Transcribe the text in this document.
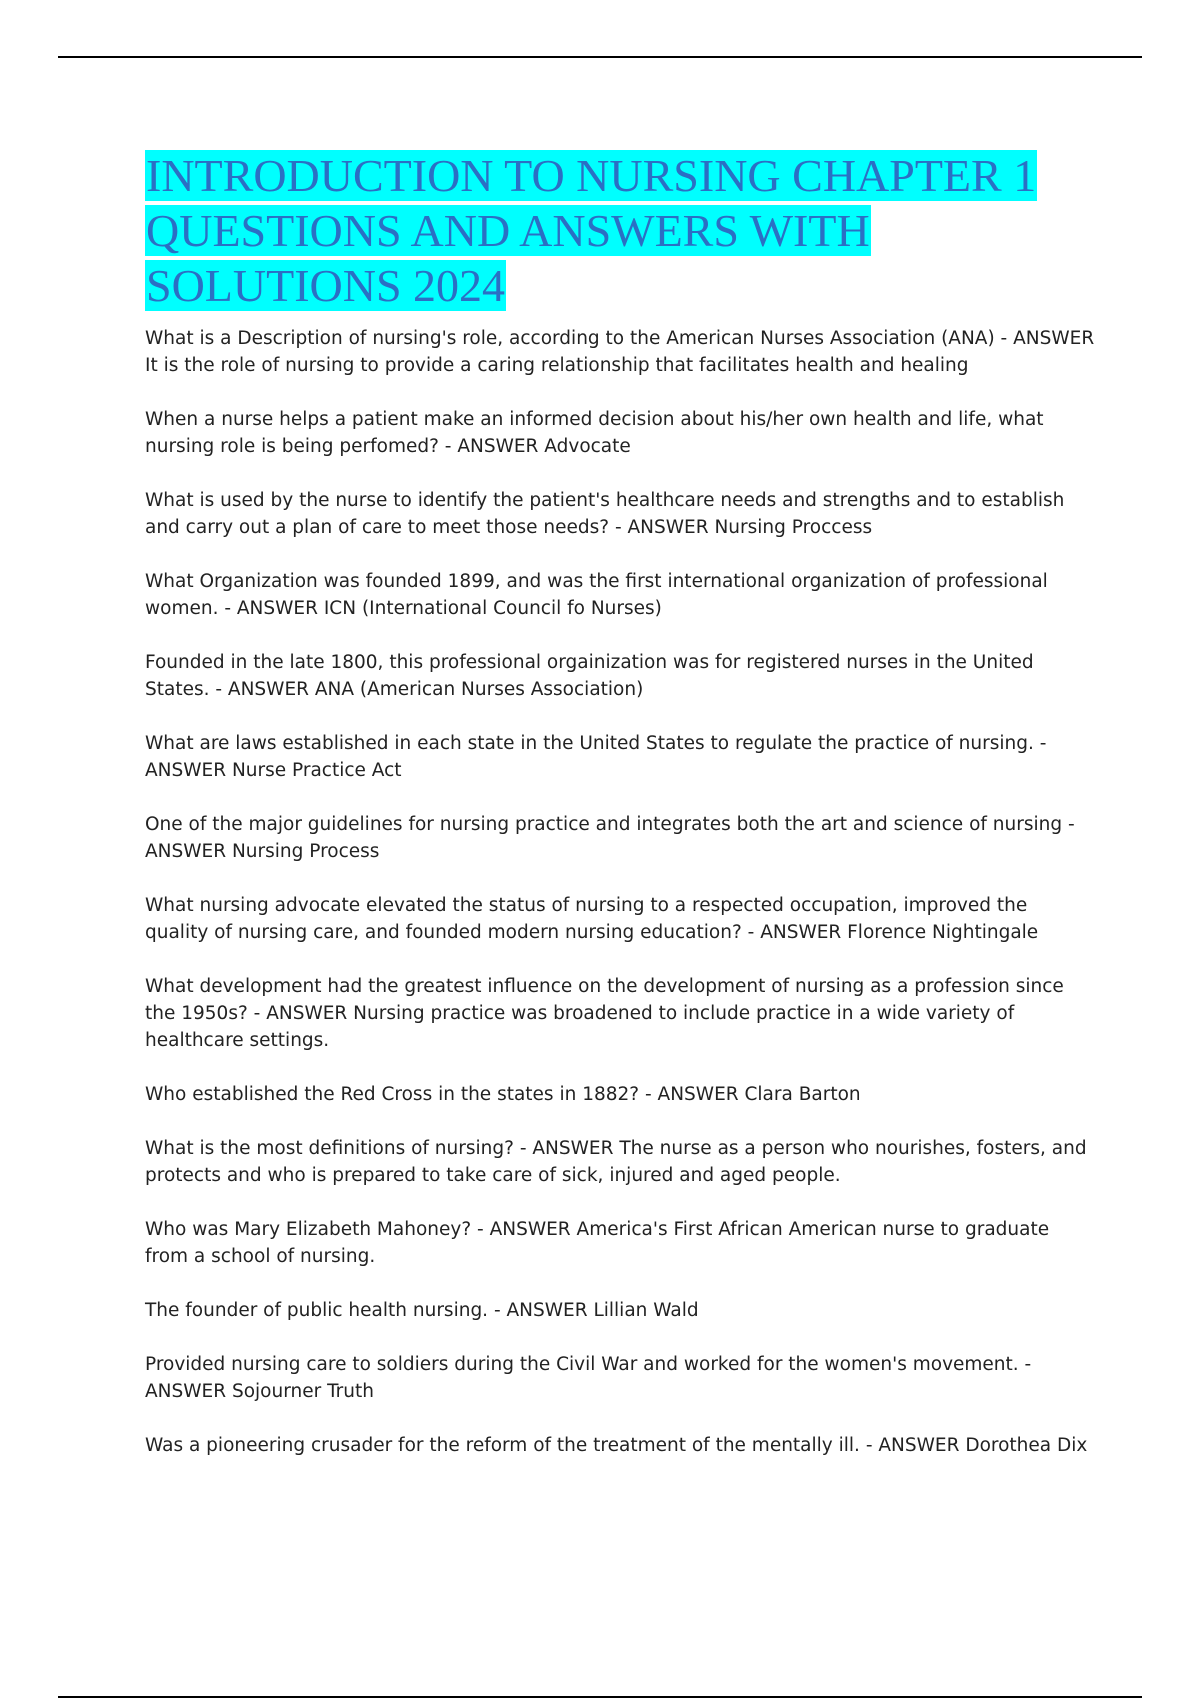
INTRODUCTION TO NURSING CHAPTER 1 QUESTIONS AND ANSWERS WITH SOLUTIONS 2024
What is a Description of nursing's role, according to the American Nurses Association (ANA) - ANSWER It is the role of nursing to provide a caring relationship that facilitates health and healing
When a nurse helps a patient make an informed decision about his/her own health and life, what nursing role is being perfomed? - ANSWER Advocate
What is used by the nurse to identify the patient's healthcare needs and strengths and to establish and carry out a plan of care to meet those needs? - ANSWER Nursing Proccess
What Organization was founded 1899, and was the first international organization of professional women. - ANSWER ICN (International Council fo Nurses)
Founded in the late 1800, this professional orgainization was for registered nurses in the United States. - ANSWER ANA (American Nurses Association)
What are laws established in each state in the United States to regulate the practice of nursing. - ANSWER Nurse Practice Act
One of the major guidelines for nursing practice and integrates both the art and science of nursing - ANSWER Nursing Process
What nursing advocate elevated the status of nursing to a respected occupation, improved the quality of nursing care, and founded modern nursing education? - ANSWER Florence Nightingale
What development had the greatest influence on the development of nursing as a profession since the 1950s? - ANSWER Nursing practice was broadened to include practice in a wide variety of healthcare settings.
Who established the Red Cross in the states in 1882? - ANSWER Clara Barton
What is the most definitions of nursing? - ANSWER The nurse as a person who nourishes, fosters, and protects and who is prepared to take care of sick, injured and aged people.
Who was Mary Elizabeth Mahoney? - ANSWER America's First African American nurse to graduate from a school of nursing.
The founder of public health nursing. - ANSWER Lillian Wald
Provided nursing care to soldiers during the Civil War and worked for the women's movement. - ANSWER Sojourner Truth
Was a pioneering crusader for the reform of the treatment of the mentally ill. - ANSWER Dorothea Dix
